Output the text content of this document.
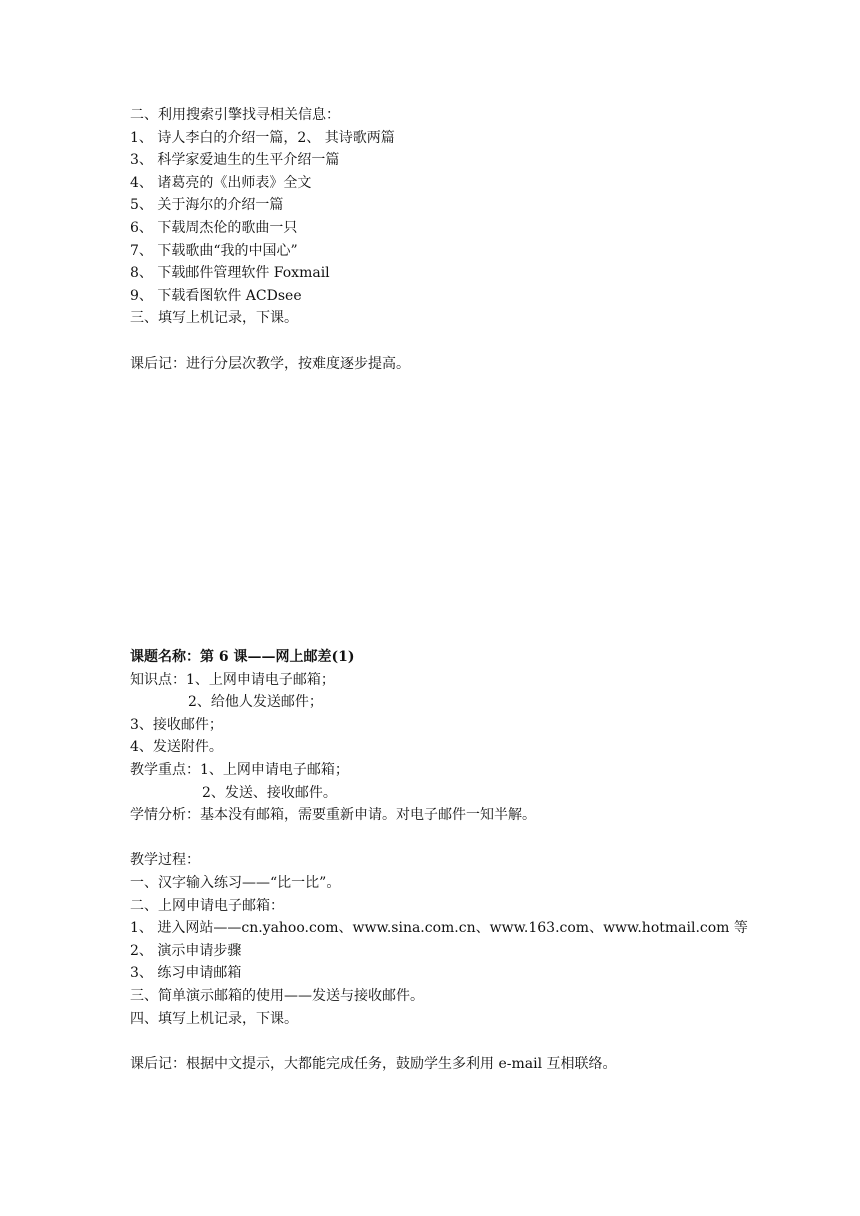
二、利用搜索引擎找寻相关信息：
1、 诗人李白的介绍一篇，2、 其诗歌两篇
3、 科学家爱迪生的生平介绍一篇
4、 诸葛亮的《出师表》全文
5、 关于海尔的介绍一篇
6、 下载周杰伦的歌曲一只
7、 下载歌曲“我的中国心”
8、 下载邮件管理软件 Foxmail
9、 下载看图软件 ACDsee
三、填写上机记录，下课。
课后记：进行分层次教学，按难度逐步提高。
课题名称：第 6 课——网上邮差(1)
知识点：1、上网申请电子邮箱；
2、给他人发送邮件；
3、接收邮件；
4、发送附件。
教学重点：1、上网申请电子邮箱；
2、发送、接收邮件。
学情分析：基本没有邮箱，需要重新申请。对电子邮件一知半解。
教学过程：
一、汉字输入练习——“比一比”。
二、上网申请电子邮箱：
1、 进入网站——cn.yahoo.com、www.sina.com.cn、www.163.com、www.hotmail.com 等
2、 演示申请步骤
3、 练习申请邮箱
三、简单演示邮箱的使用——发送与接收邮件。
四、填写上机记录，下课。
课后记：根据中文提示，大都能完成任务，鼓励学生多利用 e-mail 互相联络。
